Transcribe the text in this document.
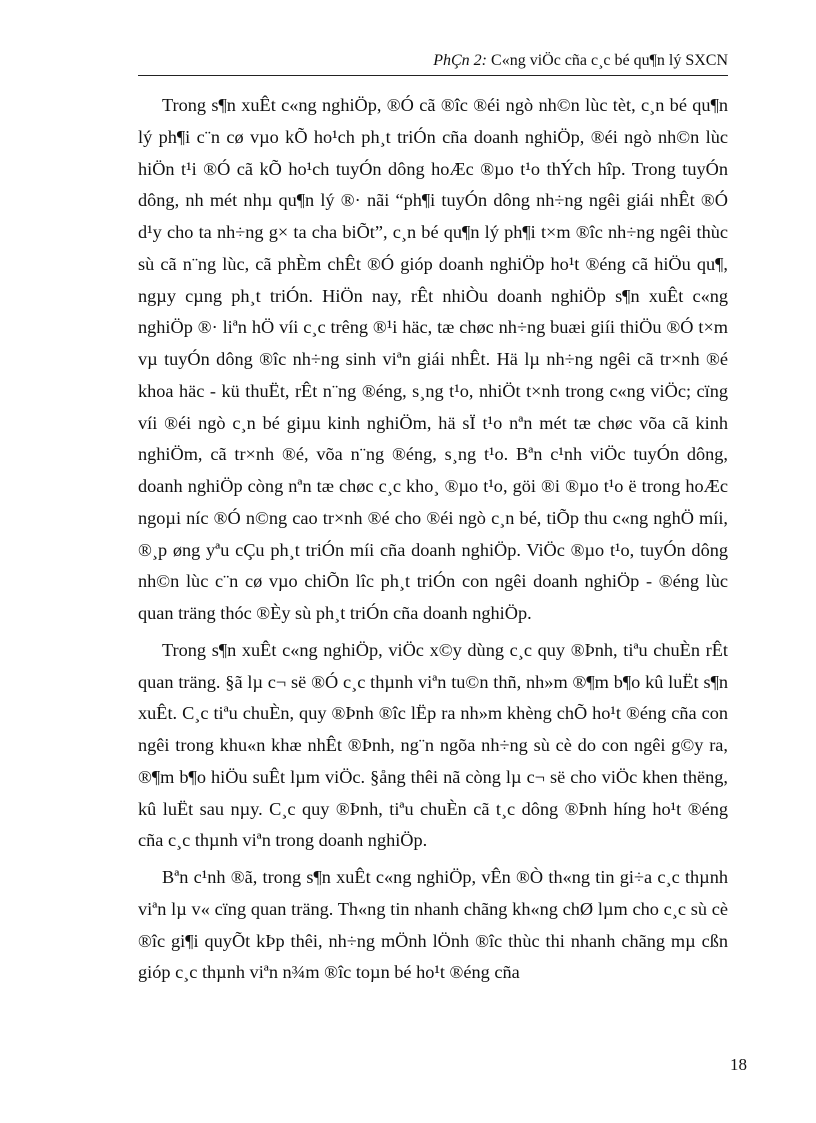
PhÇn 2: C«ng viÖc cña c¸c bé qu¶n lý SXCN

Trong s¶n xuÊt c«ng nghiÖp, ®Ó cã ®îc ®éi ngò nh©n lùc tèt, c¸n bé qu¶n lý ph¶i c¨n cø vµo kÕ ho¹ch ph¸t triÓn cña doanh nghiÖp, ®éi ngò nh©n lùc hiÖn t¹i ®Ó cã kÕ ho¹ch tuyÓn dông hoÆc ®µo t¹o thÝch hîp. Trong tuyÓn dông, nh mét nhµ qu¶n lý ®· nãi “ph¶i tuyÓn dông nh÷ng ngêi giái nhÊt ®Ó d¹y cho ta nh÷ng g× ta cha biÕt”, c¸n bé qu¶n lý ph¶i t×m ®îc nh÷ng ngêi thùc sù cã n¨ng lùc, cã phÈm chÊt ®Ó gióp doanh nghiÖp ho¹t ®éng cã hiÖu qu¶, ngµy cµng ph¸t triÓn. HiÖn nay, rÊt nhiÒu doanh nghiÖp s¶n xuÊt c«ng nghiÖp ®· liªn hÖ víi c¸c trêng ®¹i häc, tæ chøc nh÷ng buæi giíi thiÖu ®Ó t×m vµ tuyÓn dông ®îc nh÷ng sinh viªn giái nhÊt. Hä lµ nh÷ng ngêi cã tr×nh ®é khoa häc - kü thuËt, rÊt n¨ng ®éng, s¸ng t¹o, nhiÖt t×nh trong c«ng viÖc; cïng víi ®éi ngò c¸n bé giµu kinh nghiÖm, hä sÏ t¹o nªn mét tæ chøc võa cã kinh nghiÖm, cã tr×nh ®é, võa n¨ng ®éng, s¸ng t¹o. Bªn c¹nh viÖc tuyÓn dông, doanh nghiÖp còng nªn tæ chøc c¸c kho¸ ®µo t¹o, göi ®i ®µo t¹o ë trong hoÆc ngoµi níc ®Ó n©ng cao tr×nh ®é cho ®éi ngò c¸n bé, tiÕp thu c«ng nghÖ míi, ®¸p øng yªu cÇu ph¸t triÓn míi cña doanh nghiÖp. ViÖc ®µo t¹o, tuyÓn dông nh©n lùc c¨n cø vµo chiÕn lîc ph¸t triÓn con ngêi doanh nghiÖp - ®éng lùc quan träng thóc ®Èy sù ph¸t triÓn cña doanh nghiÖp.

Trong s¶n xuÊt c«ng nghiÖp, viÖc x©y dùng c¸c quy ®Þnh, tiªu chuÈn rÊt quan träng. §ã lµ c¬ së ®Ó c¸c thµnh viªn tu©n thñ, nh»m ®¶m b¶o kû luËt s¶n xuÊt. C¸c tiªu chuÈn, quy ®Þnh ®îc lËp ra nh»m khèng chÕ ho¹t ®éng cña con ngêi trong khu«n khæ nhÊt ®Þnh, ng¨n ngõa nh÷ng sù cè do con ngêi g©y ra, ®¶m b¶o hiÖu suÊt lµm viÖc. §ång thêi nã còng lµ c¬ së cho viÖc khen thëng, kû luËt sau nµy. C¸c quy ®Þnh, tiªu chuÈn cã t¸c dông ®Þnh híng ho¹t ®éng cña c¸c thµnh viªn trong doanh nghiÖp.

Bªn c¹nh ®ã, trong s¶n xuÊt c«ng nghiÖp, vÊn ®Ò th«ng tin gi÷a c¸c thµnh viªn lµ v« cïng quan träng. Th«ng tin nhanh chãng kh«ng chØ lµm cho c¸c sù cè ®îc gi¶i quyÕt kÞp thêi, nh÷ng mÖnh lÖnh ®îc thùc thi nhanh chãng mµ cßn gióp c¸c thµnh viªn n¾m ®îc toµn bé ho¹t ®éng cña

18
